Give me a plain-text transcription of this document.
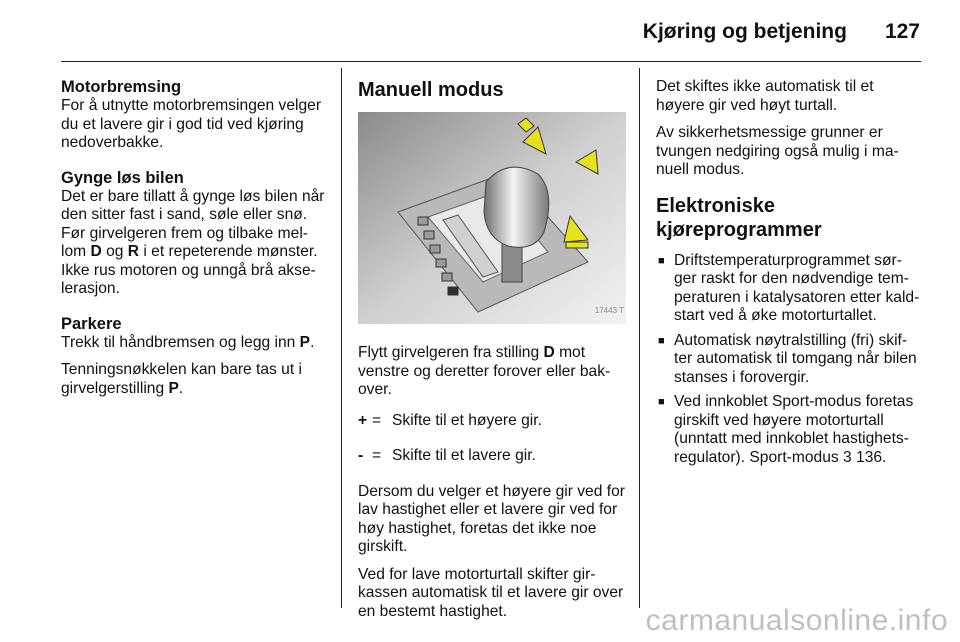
Kjøring og betjening 127
Motorbremsing

For å utnytte motorbremsingen velger du et lavere gir i god tid ved kjøring nedoverbakke.

Gynge løs bilen

Det er bare tillatt å gynge løs bilen når den sitter fast i sand, søle eller snø. Før girvelgeren frem og tilbake mel- lom D og R i et repeterende mønster. Ikke rus motoren og unngå brå akse- lerasjon.

Parkere

Trekk til håndbremsen og legg inn P.

Tenningsnøkkelen kan bare tas ut i girvelgerstilling P.

Manuell modus
17443 T

Flytt girvelgeren fra stilling D mot venstre og deretter forover eller bak- over.

+ = Skifte til et høyere gir.
- = Skifte til et lavere gir.

Dersom du velger et høyere gir ved for lav hastighet eller et lavere gir ved for høy hastighet, foretas det ikke noe girskift.

Ved for lave motorturtall skifter gir- kassen automatisk til et lavere gir over en bestemt hastighet.

Det skiftes ikke automatisk til et høyere gir ved høyt turtall.

Av sikkerhetsmessige grunner er tvungen nedgiring også mulig i ma- nuell modus.

Elektroniske kjøreprogrammer
■ Driftstemperaturprogrammet sør- ger raskt for den nødvendige tem- peraturen i katalysatoren etter kald- start ved å øke motorturtallet.
■ Automatisk nøytralstilling (fri) skif- ter automatisk til tomgang når bilen stanses i forovergir.
■ Ved innkoblet Sport-modus foretas girskift ved høyere motorturtall (unntatt med innkoblet hastighets- regulator). Sport-modus 3 136.
carmanualsonline.info
